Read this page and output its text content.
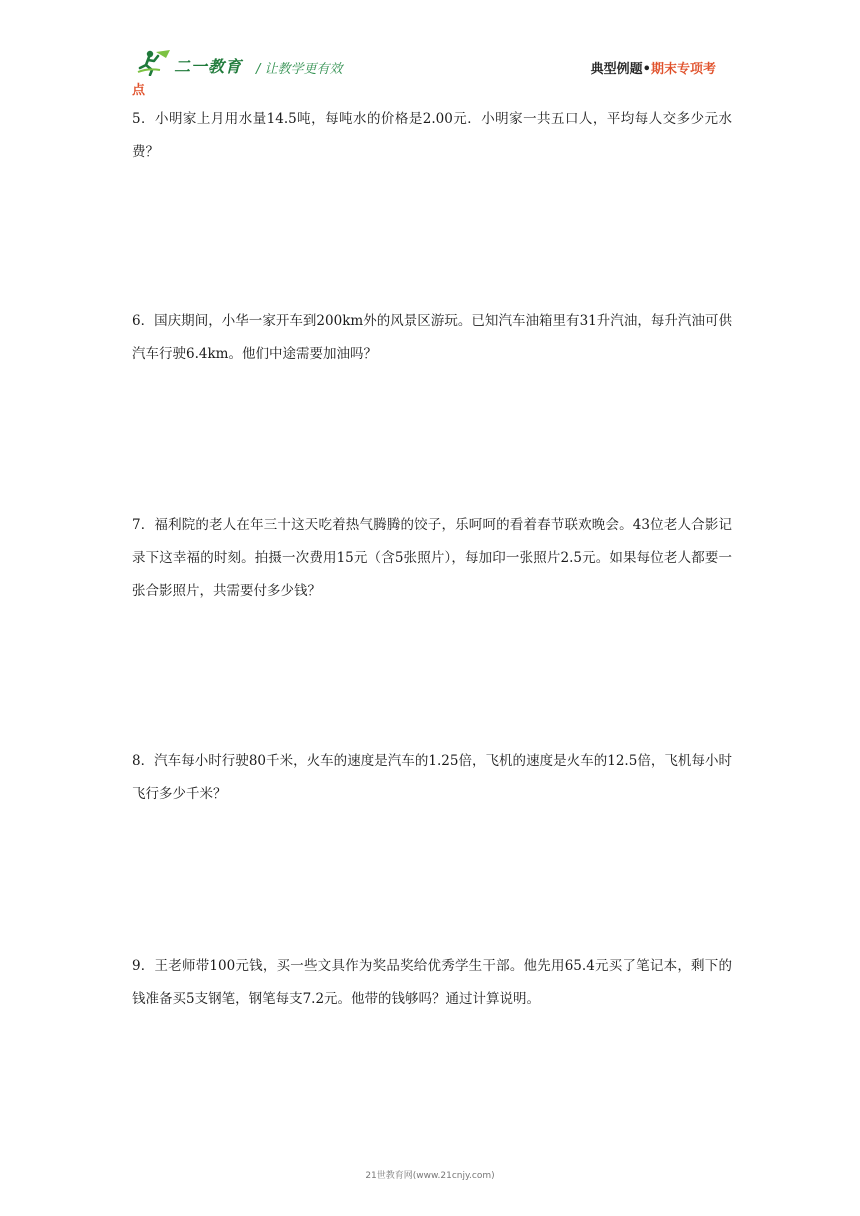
二一教育 / 让教学更有效	典型例题•期末专项考
点
5．小明家上月用水量14.5吨，每吨水的价格是2.00元．小明家一共五口人，平均每人交多少元水费？
6．国庆期间，小华一家开车到200km外的风景区游玩。已知汽车油箱里有31升汽油，每升汽油可供汽车行驶6.4km。他们中途需要加油吗？
7．福利院的老人在年三十这天吃着热气腾腾的饺子，乐呵呵的看着春节联欢晚会。43位老人合影记录下这幸福的时刻。拍摄一次费用15元（含5张照片），每加印一张照片2.5元。如果每位老人都要一张合影照片，共需要付多少钱？
8．汽车每小时行驶80千米，火车的速度是汽车的1.25倍，飞机的速度是火车的12.5倍，飞机每小时飞行多少千米？
9．王老师带100元钱，买一些文具作为奖品奖给优秀学生干部。他先用65.4元买了笔记本，剩下的钱准备买5支钢笔，钢笔每支7.2元。他带的钱够吗？通过计算说明。
21世教育网(www.21cnjy.com)
